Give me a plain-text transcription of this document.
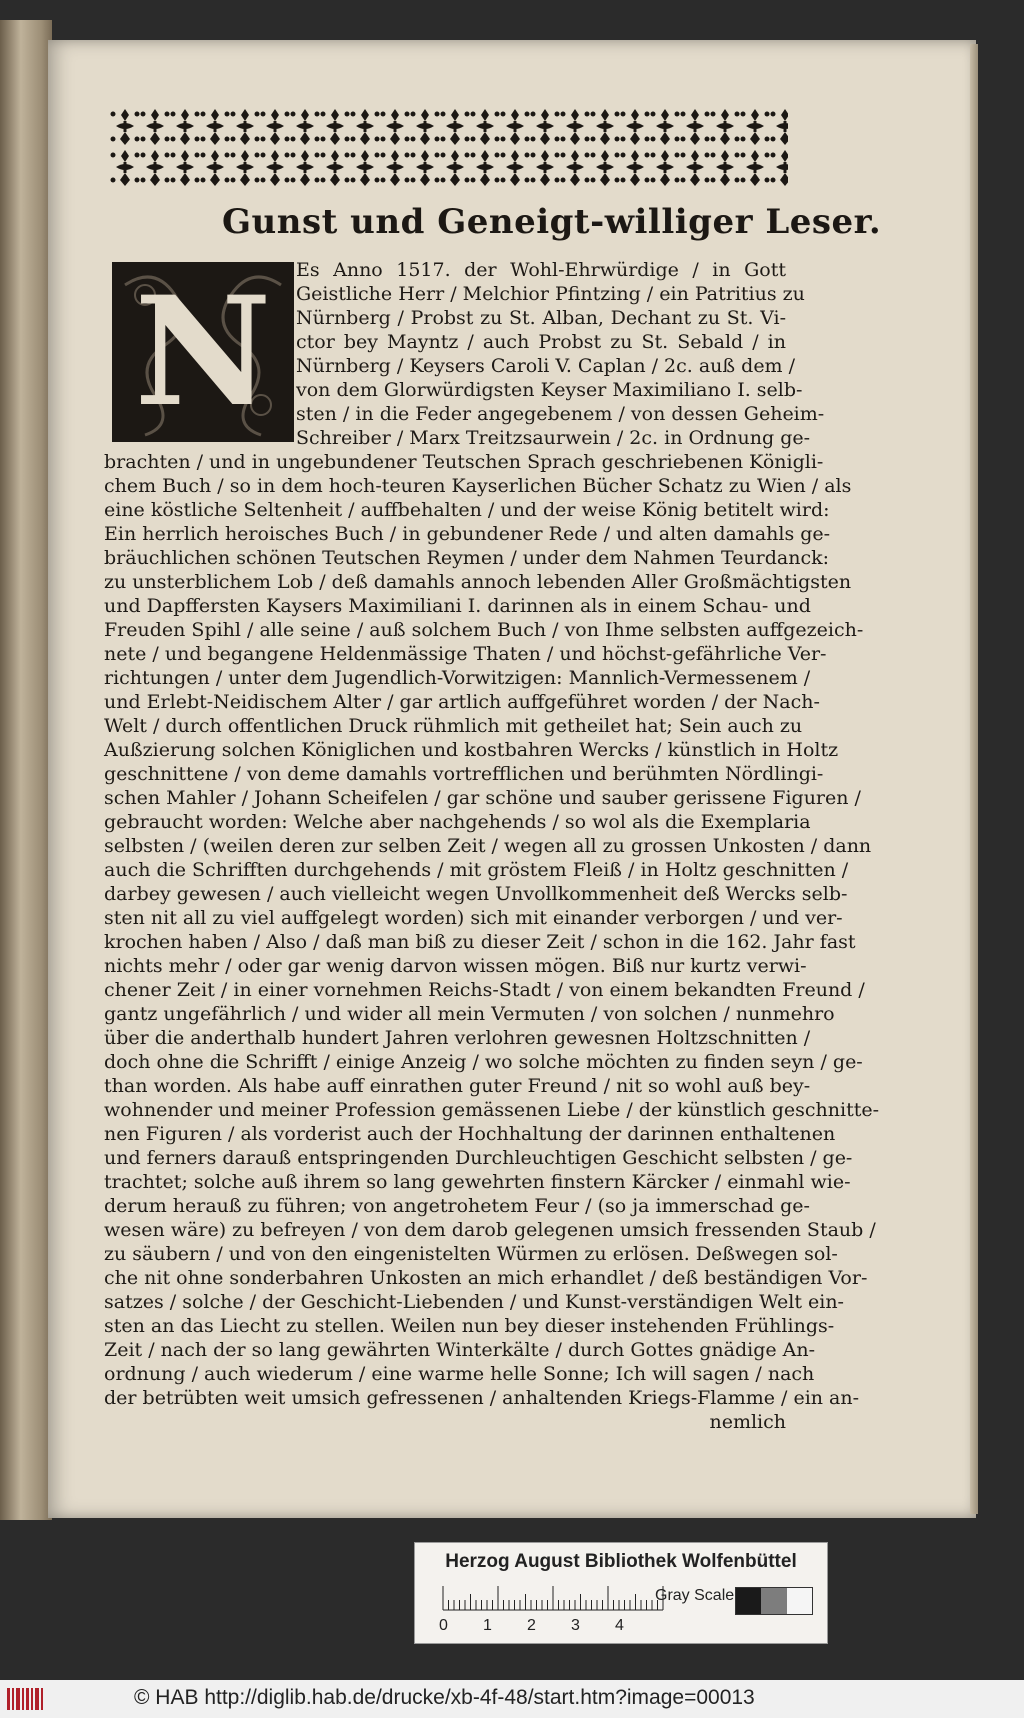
Gunst und Geneigt-williger Leser.
N	Es Anno 1517. der Wohl-Ehrwürdige / in Gott
Geistliche Herr / Melchior Pfintzing / ein Patritius zu
Nürnberg / Probst zu St. Alban, Dechant zu St. Vi-
ctor bey Mayntz / auch Probst zu St. Sebald / in
Nürnberg / Keysers Caroli V. Caplan / 2c. auß dem /
von dem Glorwürdigsten Keyser Maximiliano I. selb-
sten / in die Feder angegebenem / von dessen Geheim-
Schreiber / Marx Treitzsaurwein / 2c. in Ordnung ge-
brachten / und in ungebundener Teutschen Sprach geschriebenen Königli-
chem Buch / so in dem hoch-teuren Kayserlichen Bücher Schatz zu Wien / als
eine köstliche Seltenheit / auffbehalten / und der weise König betitelt wird:
Ein herrlich heroisches Buch / in gebundener Rede / und alten damahls ge-
bräuchlichen schönen Teutschen Reymen / under dem Nahmen Teurdanck:
zu unsterblichem Lob / deß damahls annoch lebenden Aller Großmächtigsten
und Dapffersten Kaysers Maximiliani I. darinnen als in einem Schau- und
Freuden Spihl / alle seine / auß solchem Buch / von Ihme selbsten auffgezeich-
nete / und begangene Heldenmässige Thaten / und höchst-gefährliche Ver-
richtungen / unter dem Jugendlich-Vorwitzigen: Mannlich-Vermessenem /
und Erlebt-Neidischem Alter / gar artlich auffgeführet worden / der Nach-
Welt / durch offentlichen Druck rühmlich mit getheilet hat; Sein auch zu
Außzierung solchen Königlichen und kostbahren Wercks / künstlich in Holtz
geschnittene / von deme damahls vortrefflichen und berühmten Nördlingi-
schen Mahler / Johann Scheifelen / gar schöne und sauber gerissene Figuren /
gebraucht worden: Welche aber nachgehends / so wol als die Exemplaria
selbsten / (weilen deren zur selben Zeit / wegen all zu grossen Unkosten / dann
auch die Schrifften durchgehends / mit gröstem Fleiß / in Holtz geschnitten /
darbey gewesen / auch vielleicht wegen Unvollkommenheit deß Wercks selb-
sten nit all zu viel auffgelegt worden) sich mit einander verborgen / und ver-
krochen haben / Also / daß man biß zu dieser Zeit / schon in die 162. Jahr fast
nichts mehr / oder gar wenig darvon wissen mögen. Biß nur kurtz verwi-
chener Zeit / in einer vornehmen Reichs-Stadt / von einem bekandten Freund /
gantz ungefährlich / und wider all mein Vermuten / von solchen / nunmehro
über die anderthalb hundert Jahren verlohren gewesnen Holtzschnitten /
doch ohne die Schrifft / einige Anzeig / wo solche möchten zu finden seyn / ge-
than worden. Als habe auff einrathen guter Freund / nit so wohl auß bey-
wohnender und meiner Profession gemässenen Liebe / der künstlich geschnitte-
nen Figuren / als vorderist auch der Hochhaltung der darinnen enthaltenen
und ferners darauß entspringenden Durchleuchtigen Geschicht selbsten / ge-
trachtet; solche auß ihrem so lang gewehrten finstern Kärcker / einmahl wie-
derum herauß zu führen; von angetrohetem Feur / (so ja immerschad ge-
wesen wäre) zu befreyen / von dem darob gelegenen umsich fressenden Staub /
zu säubern / und von den eingenistelten Würmen zu erlösen. Deßwegen sol-
che nit ohne sonderbahren Unkosten an mich erhandlet / deß beständigen Vor-
satzes / solche / der Geschicht-Liebenden / und Kunst-verständigen Welt ein-
sten an das Liecht zu stellen. Weilen nun bey dieser instehenden Frühlings-
Zeit / nach der so lang gewährten Winterkälte / durch Gottes gnädige An-
ordnung / auch wiederum / eine warme helle Sonne; Ich will sagen / nach
der betrübten weit umsich gefressenen / anhaltenden Kriegs-Flamme / ein an-
nemlich
Herzog August Bibliothek Wolfenbüttel
0 1 2 3 4
Gray Scale
© HAB http://diglib.hab.de/drucke/xb-4f-48/start.htm?image=00013
